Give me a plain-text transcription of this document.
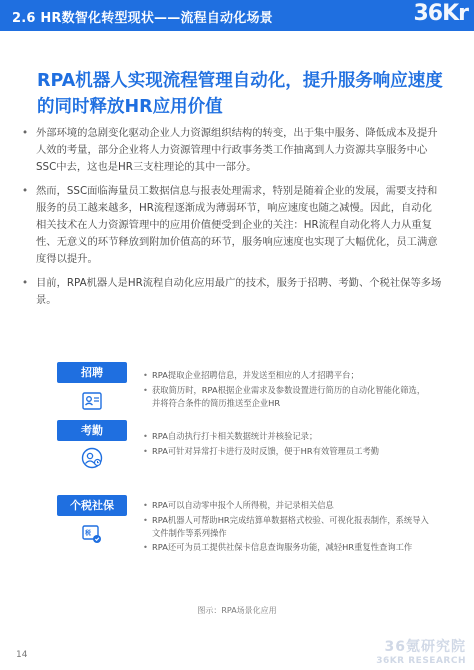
2.6 HR数智化转型现状——流程自动化场景	36Kr
RPA机器人实现流程管理自动化，提升服务响应速度的同时释放HR应用价值
• 外部环境的急剧变化驱动企业人力资源组织结构的转变，出于集中服务、降低成本及提升人效的考量，部分企业将人力资源管理中行政事务类工作抽离到人力资源共享服务中心SSC中去，这也是HR三支柱理论的其中一部分。
• 然而，SSC面临海量员工数据信息与报表处理需求，特别是随着企业的发展，需要支持和服务的员工越来越多，HR流程逐渐成为薄弱环节，响应速度也随之减慢。因此，自动化相关技术在人力资源管理中的应用价值便受到企业的关注：HR流程自动化将人力从重复性、无意义的环节释放到附加价值高的环节，服务响应速度也实现了大幅优化，员工满意度得以提升。
• 目前，RPA机器人是HR流程自动化应用最广的技术，服务于招聘、考勤、个税社保等多场景。
招聘	• RPA提取企业招聘信息，并发送至相应的人才招聘平台；
• 获取简历时，RPA根据企业需求及参数设置进行简历的自动化智能化筛选，并将符合条件的简历推送至企业HR
考勤	• RPA自动执行打卡相关数据统计并核验记录；
• RPA可针对异常打卡进行及时反馈，便于HR有效管理员工考勤
个税社保
税
• RPA可以自动零申报个人所得税，并记录相关信息
• RPA机器人可帮助HR完成结算单数据格式校验、可视化报表制作，系统导入文件制作等系列操作
• RPA还可为员工提供社保卡信息查询服务功能，减轻HR重复性查询工作
图示：RPA场景化应用
14	36氪研究院
36KR RESEARCH
